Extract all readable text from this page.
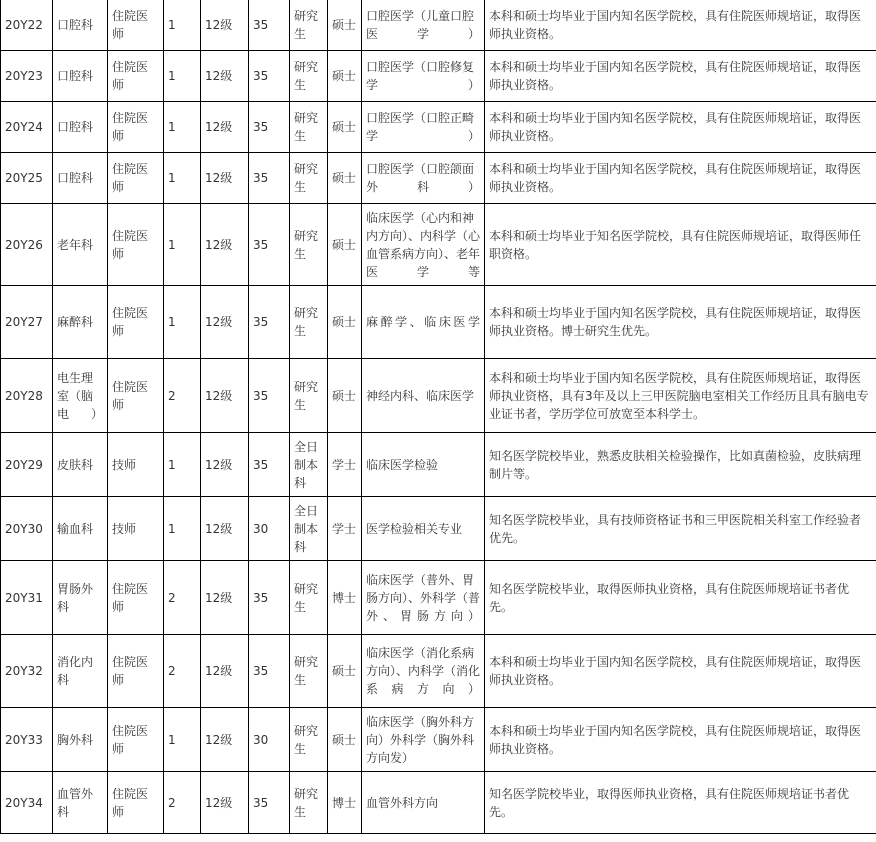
20Y22	口腔科	住院医师	1	12级	35	研究生	硕士	口腔医学（儿童口腔医学）	本科和硕士均毕业于国内知名医学院校，具有住院医师规培证，取得医师执业资格。
20Y23	口腔科	住院医师	1	12级	35	研究生	硕士	口腔医学（口腔修复学）	本科和硕士均毕业于国内知名医学院校，具有住院医师规培证，取得医师执业资格。
20Y24	口腔科	住院医师	1	12级	35	研究生	硕士	口腔医学（口腔正畸学）	本科和硕士均毕业于国内知名医学院校，具有住院医师规培证，取得医师执业资格。
20Y25	口腔科	住院医师	1	12级	35	研究生	硕士	口腔医学（口腔颌面外科）	本科和硕士均毕业于国内知名医学院校，具有住院医师规培证，取得医师执业资格。
20Y26	老年科	住院医师	1	12级	35	研究生	硕士	临床医学（心内和神内方向）、内科学（心血管系病方向）、老年医学等	本科和硕士均毕业于知名医学院校，具有住院医师规培证，取得医师任职资格。
20Y27	麻醉科	住院医师	1	12级	35	研究生	硕士	麻醉学、临床医学	本科和硕士均毕业于国内知名医学院校，具有住院医师规培证，取得医师执业资格。博士研究生优先。
20Y28	电生理室（脑电）	住院医师	2	12级	35	研究生	硕士	神经内科、临床医学	本科和硕士均毕业于国内知名医学院校，具有住院医师规培证，取得医师执业资格，具有3年及以上三甲医院脑电室相关工作经历且具有脑电专业证书者，学历学位可放宽至本科学士。
20Y29	皮肤科	技师	1	12级	35	全日制本科	学士	临床医学检验	知名医学院校毕业，熟悉皮肤相关检验操作，比如真菌检验，皮肤病理制片等。
20Y30	输血科	技师	1	12级	30	全日制本科	学士	医学检验相关专业	知名医学院校毕业，具有技师资格证书和三甲医院相关科室工作经验者优先。
20Y31	胃肠外科	住院医师	2	12级	35	研究生	博士	临床医学（普外、胃肠方向）、外科学（普外、胃肠方向）	知名医学院校毕业，取得医师执业资格，具有住院医师规培证书者优先。
20Y32	消化内科	住院医师	2	12级	35	研究生	硕士	临床医学（消化系病方向）、内科学（消化系病方向）	本科和硕士均毕业于国内知名医学院校，具有住院医师规培证，取得医师执业资格。
20Y33	胸外科	住院医师	1	12级	30	研究生	硕士	临床医学（胸外科方向）外科学（胸外科方向发）	本科和硕士均毕业于国内知名医学院校，具有住院医师规培证，取得医师执业资格。
20Y34	血管外科	住院医师	2	12级	35	研究生	博士	血管外科方向	知名医学院校毕业，取得医师执业资格，具有住院医师规培证书者优先。
